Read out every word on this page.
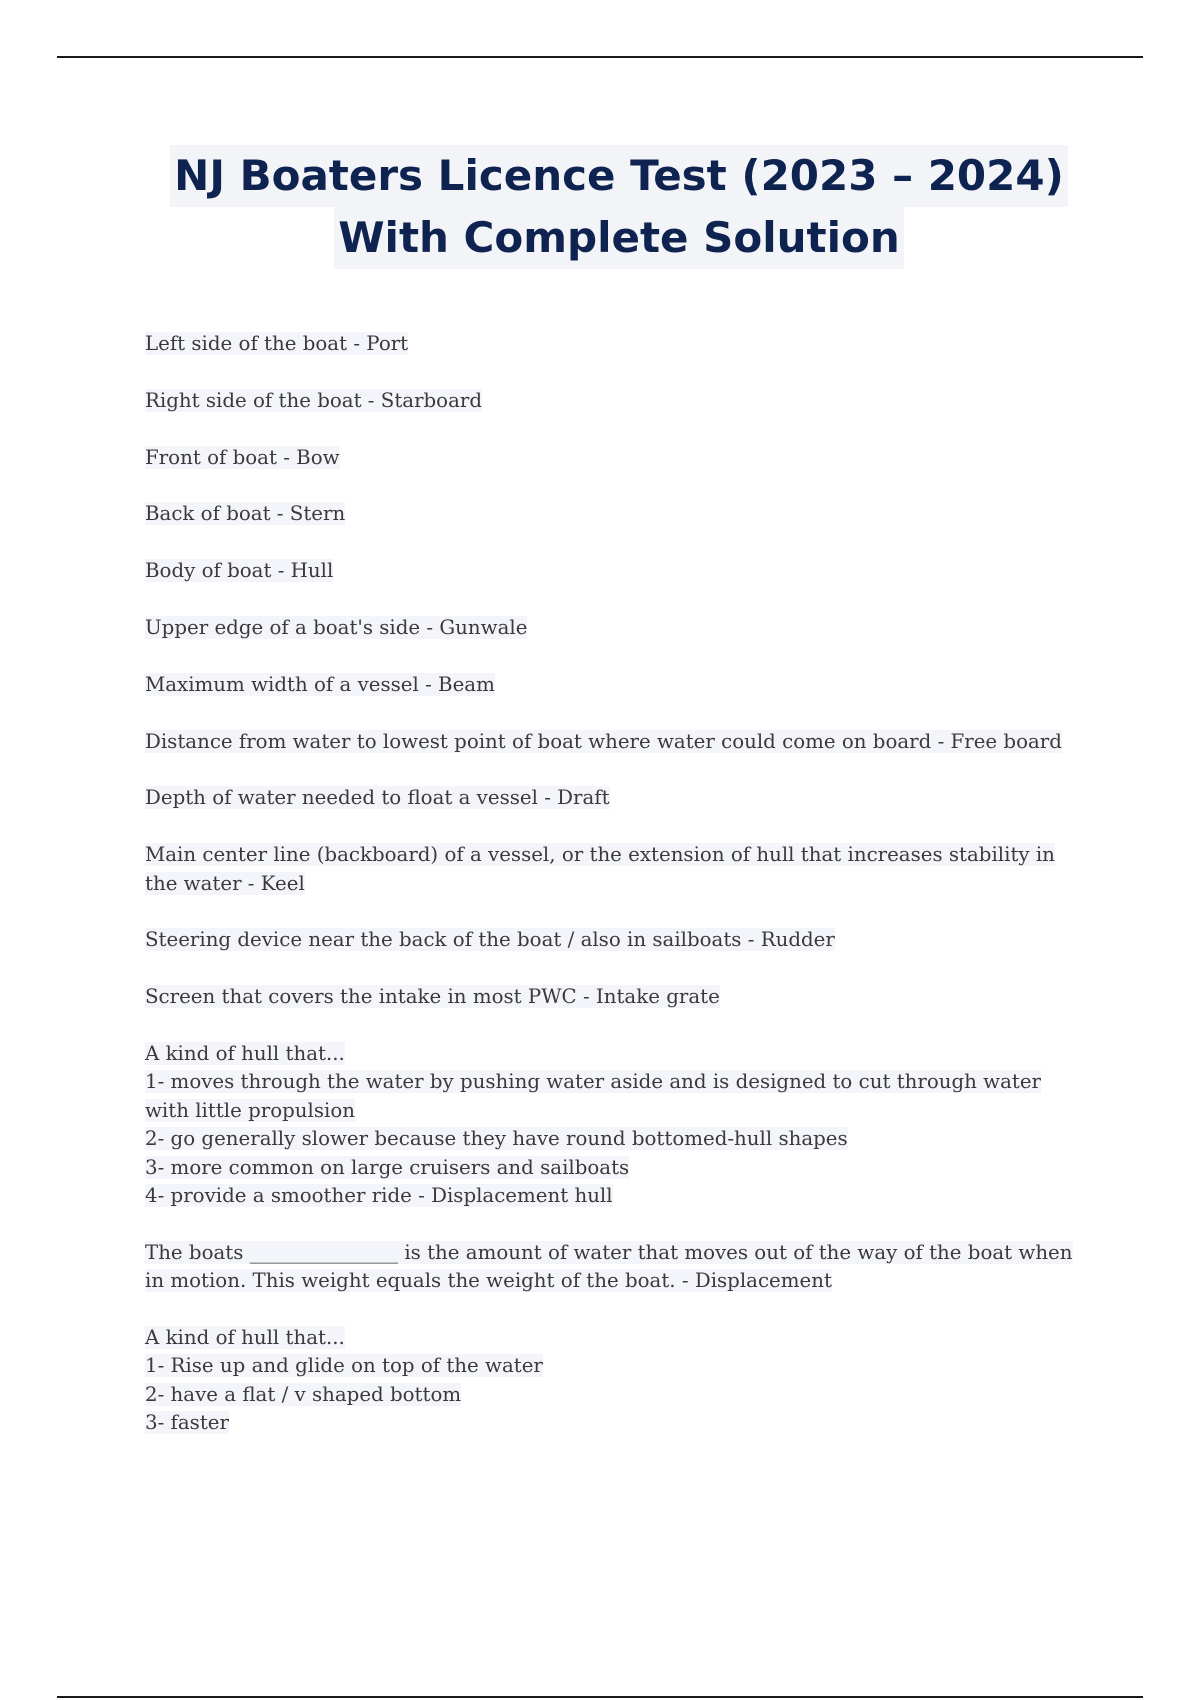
NJ Boaters Licence Test (2023 – 2024)
With Complete Solution
Left side of the boat - Port
Right side of the boat - Starboard
Front of boat - Bow
Back of boat - Stern
Body of boat - Hull
Upper edge of a boat's side - Gunwale
Maximum width of a vessel - Beam
Distance from water to lowest point of boat where water could come on board - Free board
Depth of water needed to float a vessel - Draft
Main center line (backboard) of a vessel, or the extension of hull that increases stability in
the water - Keel
Steering device near the back of the boat / also in sailboats - Rudder
Screen that covers the intake in most PWC - Intake grate
A kind of hull that...
1- moves through the water by pushing water aside and is designed to cut through water
with little propulsion
2- go generally slower because they have round bottomed-hull shapes
3- more common on large cruisers and sailboats
4- provide a smoother ride - Displacement hull
The boats _______________ is the amount of water that moves out of the way of the boat when
in motion. This weight equals the weight of the boat. - Displacement
A kind of hull that...
1- Rise up and glide on top of the water
2- have a flat / v shaped bottom
3- faster
